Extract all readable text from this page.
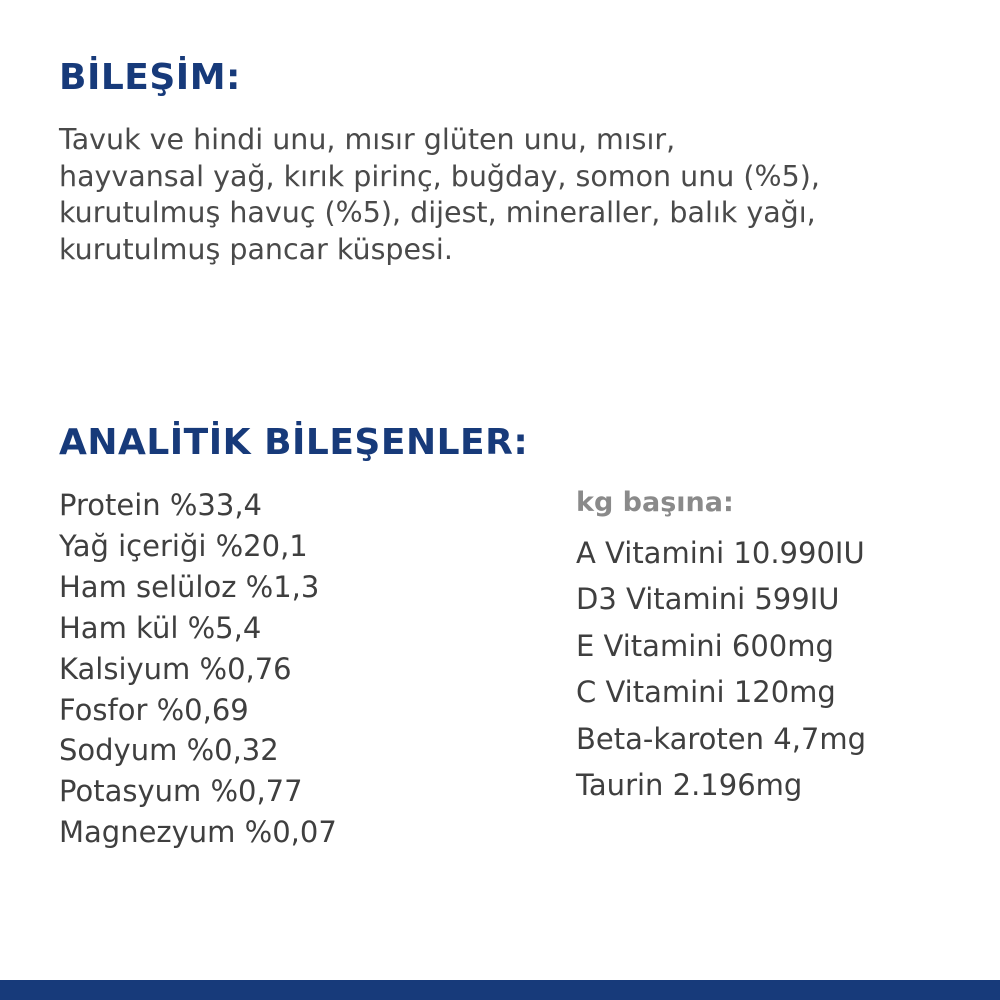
BİLEŞİM:

Tavuk ve hindi unu, mısır glüten unu, mısır,
hayvansal yağ, kırık pirinç, buğday, somon unu (%5),
kurutulmuş havuç (%5), dijest, mineraller, balık yağı,
kurutulmuş pancar küspesi.

ANALİTİK BİLEŞENLER:
Protein %33,4
Yağ içeriği %20,1
Ham selüloz %1,3
Ham kül %5,4
Kalsiyum %0,76
Fosfor %0,69
Sodyum %0,32
Potasyum %0,77
Magnezyum %0,07
kg başına:
A Vitamini 10.990IU
D3 Vitamini 599IU
E Vitamini 600mg
C Vitamini 120mg
Beta-karoten 4,7mg
Taurin 2.196mg
